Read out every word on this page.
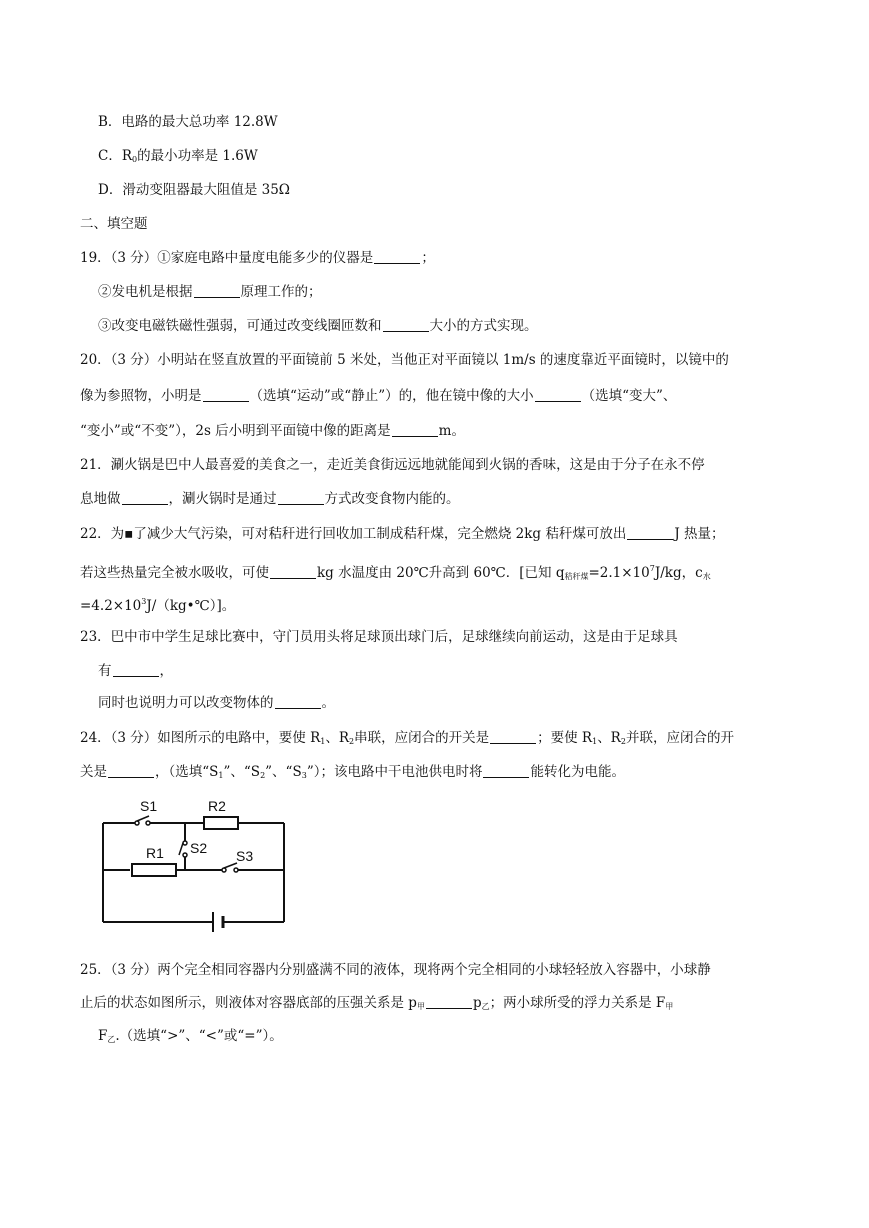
B．电路的最大总功率 12.8W
C．$R_0$的最小功率是 1.6W
D．滑动变阻器最大阻值是 35Ω
二、填空题
19．（3 分）①家庭电路中量度电能多少的仪器是	；
②发电机是根据	原理工作的；
③改变电磁铁磁性强弱，可通过改变线圈匝数和	大小的方式实现。
20．（3 分）小明站在竖直放置的平面镜前 5 米处，当他正对平面镜以 1m/s 的速度靠近平面镜时，以镜中的
像为参照物，小明是	（选填“运动”或“静止”）的，他在镜中像的大小	（选填“变大”、
“变小”或“不变”），2s 后小明到平面镜中像的距离是	m。
21．涮火锅是巴中人最喜爱的美食之一，走近美食街远远地就能闻到火锅的香味，这是由于分子在永不停
息地做	，涮火锅时是通过	方式改变食物内能的。
22．为▪了减少大气污染，可对秸秆进行回收加工制成秸秆煤，完全燃烧 2kg 秸秆煤可放出	J 热量；
若这些热量完全被水吸收，可使	kg 水温度由 20℃升高到 60℃．[已知 $q_{秸秆煤}=2.1\times 10^7J/kg$，$c_水$
$=4.2\times 10^3J/(kg•℃)$]。
23．巴中市中学生足球比赛中，守门员用头将足球顶出球门后，足球继续向前运动，这是由于足球具
有	，
同时也说明力可以改变物体的	。
24．（3 分）如图所示的电路中，要使 $R_1$、$R_2$串联，应闭合的开关是	；要使 $R_1$、$R_2$并联，应闭合的开
关是	，（选填“$S_1$”、“$S_2$”、“$S_3$”）；该电路中干电池供电时将	能转化为电能。
S1	R2
S2
R1	S3
25．（3 分）两个完全相同容器内分别盛满不同的液体，现将两个完全相同的小球轻轻放入容器中，小球静
止后的状态如图所示，则液体对容器底部的压强关系是 $p_甲$	$p_乙$；两小球所受的浮力关系是 $F_甲$
$F_乙$.（选填“>”、“<”或“=”）。
